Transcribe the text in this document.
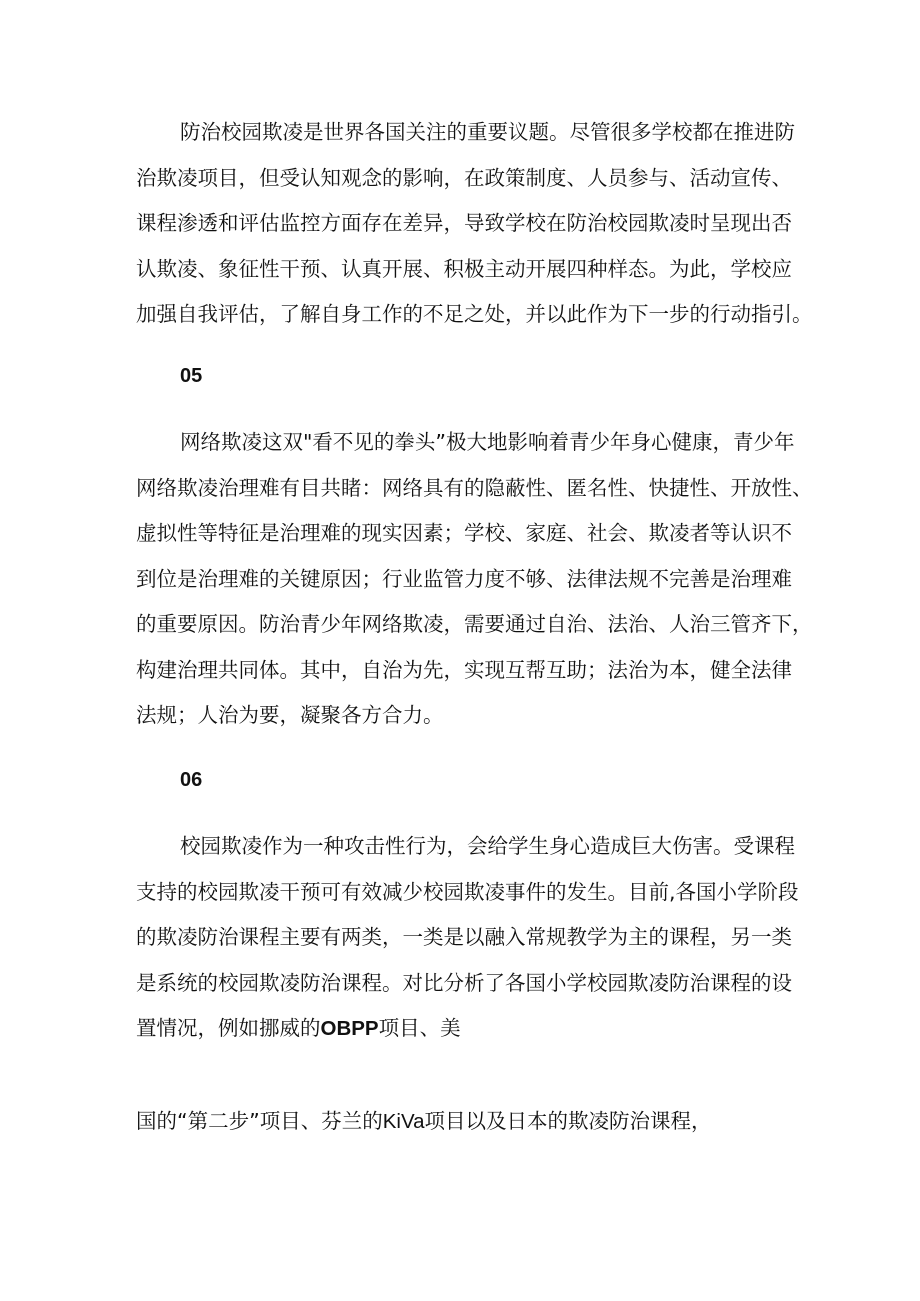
防治校园欺凌是世界各国关注的重要议题。尽管很多学校都在推进防
治欺凌项目，但受认知观念的影响，在政策制度、人员参与、活动宣传、
课程渗透和评估监控方面存在差异，导致学校在防治校园欺凌时呈现出否
认欺凌、象征性干预、认真开展、积极主动开展四种样态。为此，学校应
加强自我评估，了解自身工作的不足之处，并以此作为下一步的行动指引。
05
网络欺凌这双"看不见的拳头”极大地影响着青少年身心健康，青少年
网络欺凌治理难有目共睹：网络具有的隐蔽性、匿名性、快捷性、开放性、
虚拟性等特征是治理难的现实因素；学校、家庭、社会、欺凌者等认识不
到位是治理难的关键原因；行业监管力度不够、法律法规不完善是治理难
的重要原因。防治青少年网络欺凌，需要通过自治、法治、人治三管齐下，
构建治理共同体。其中，自治为先，实现互帮互助；法治为本，健全法律
法规；人治为要，凝聚各方合力。
06
校园欺凌作为一种攻击性行为，会给学生身心造成巨大伤害。受课程
支持的校园欺凌干预可有效减少校园欺凌事件的发生。目前,各国小学阶段
的欺凌防治课程主要有两类，一类是以融入常规教学为主的课程，另一类
是系统的校园欺凌防治课程。对比分析了各国小学校园欺凌防治课程的设
置情况，例如挪威的OBPP项目、美
国的“第二步”项目、芬兰的KiVa项目以及日本的欺凌防治课程，
